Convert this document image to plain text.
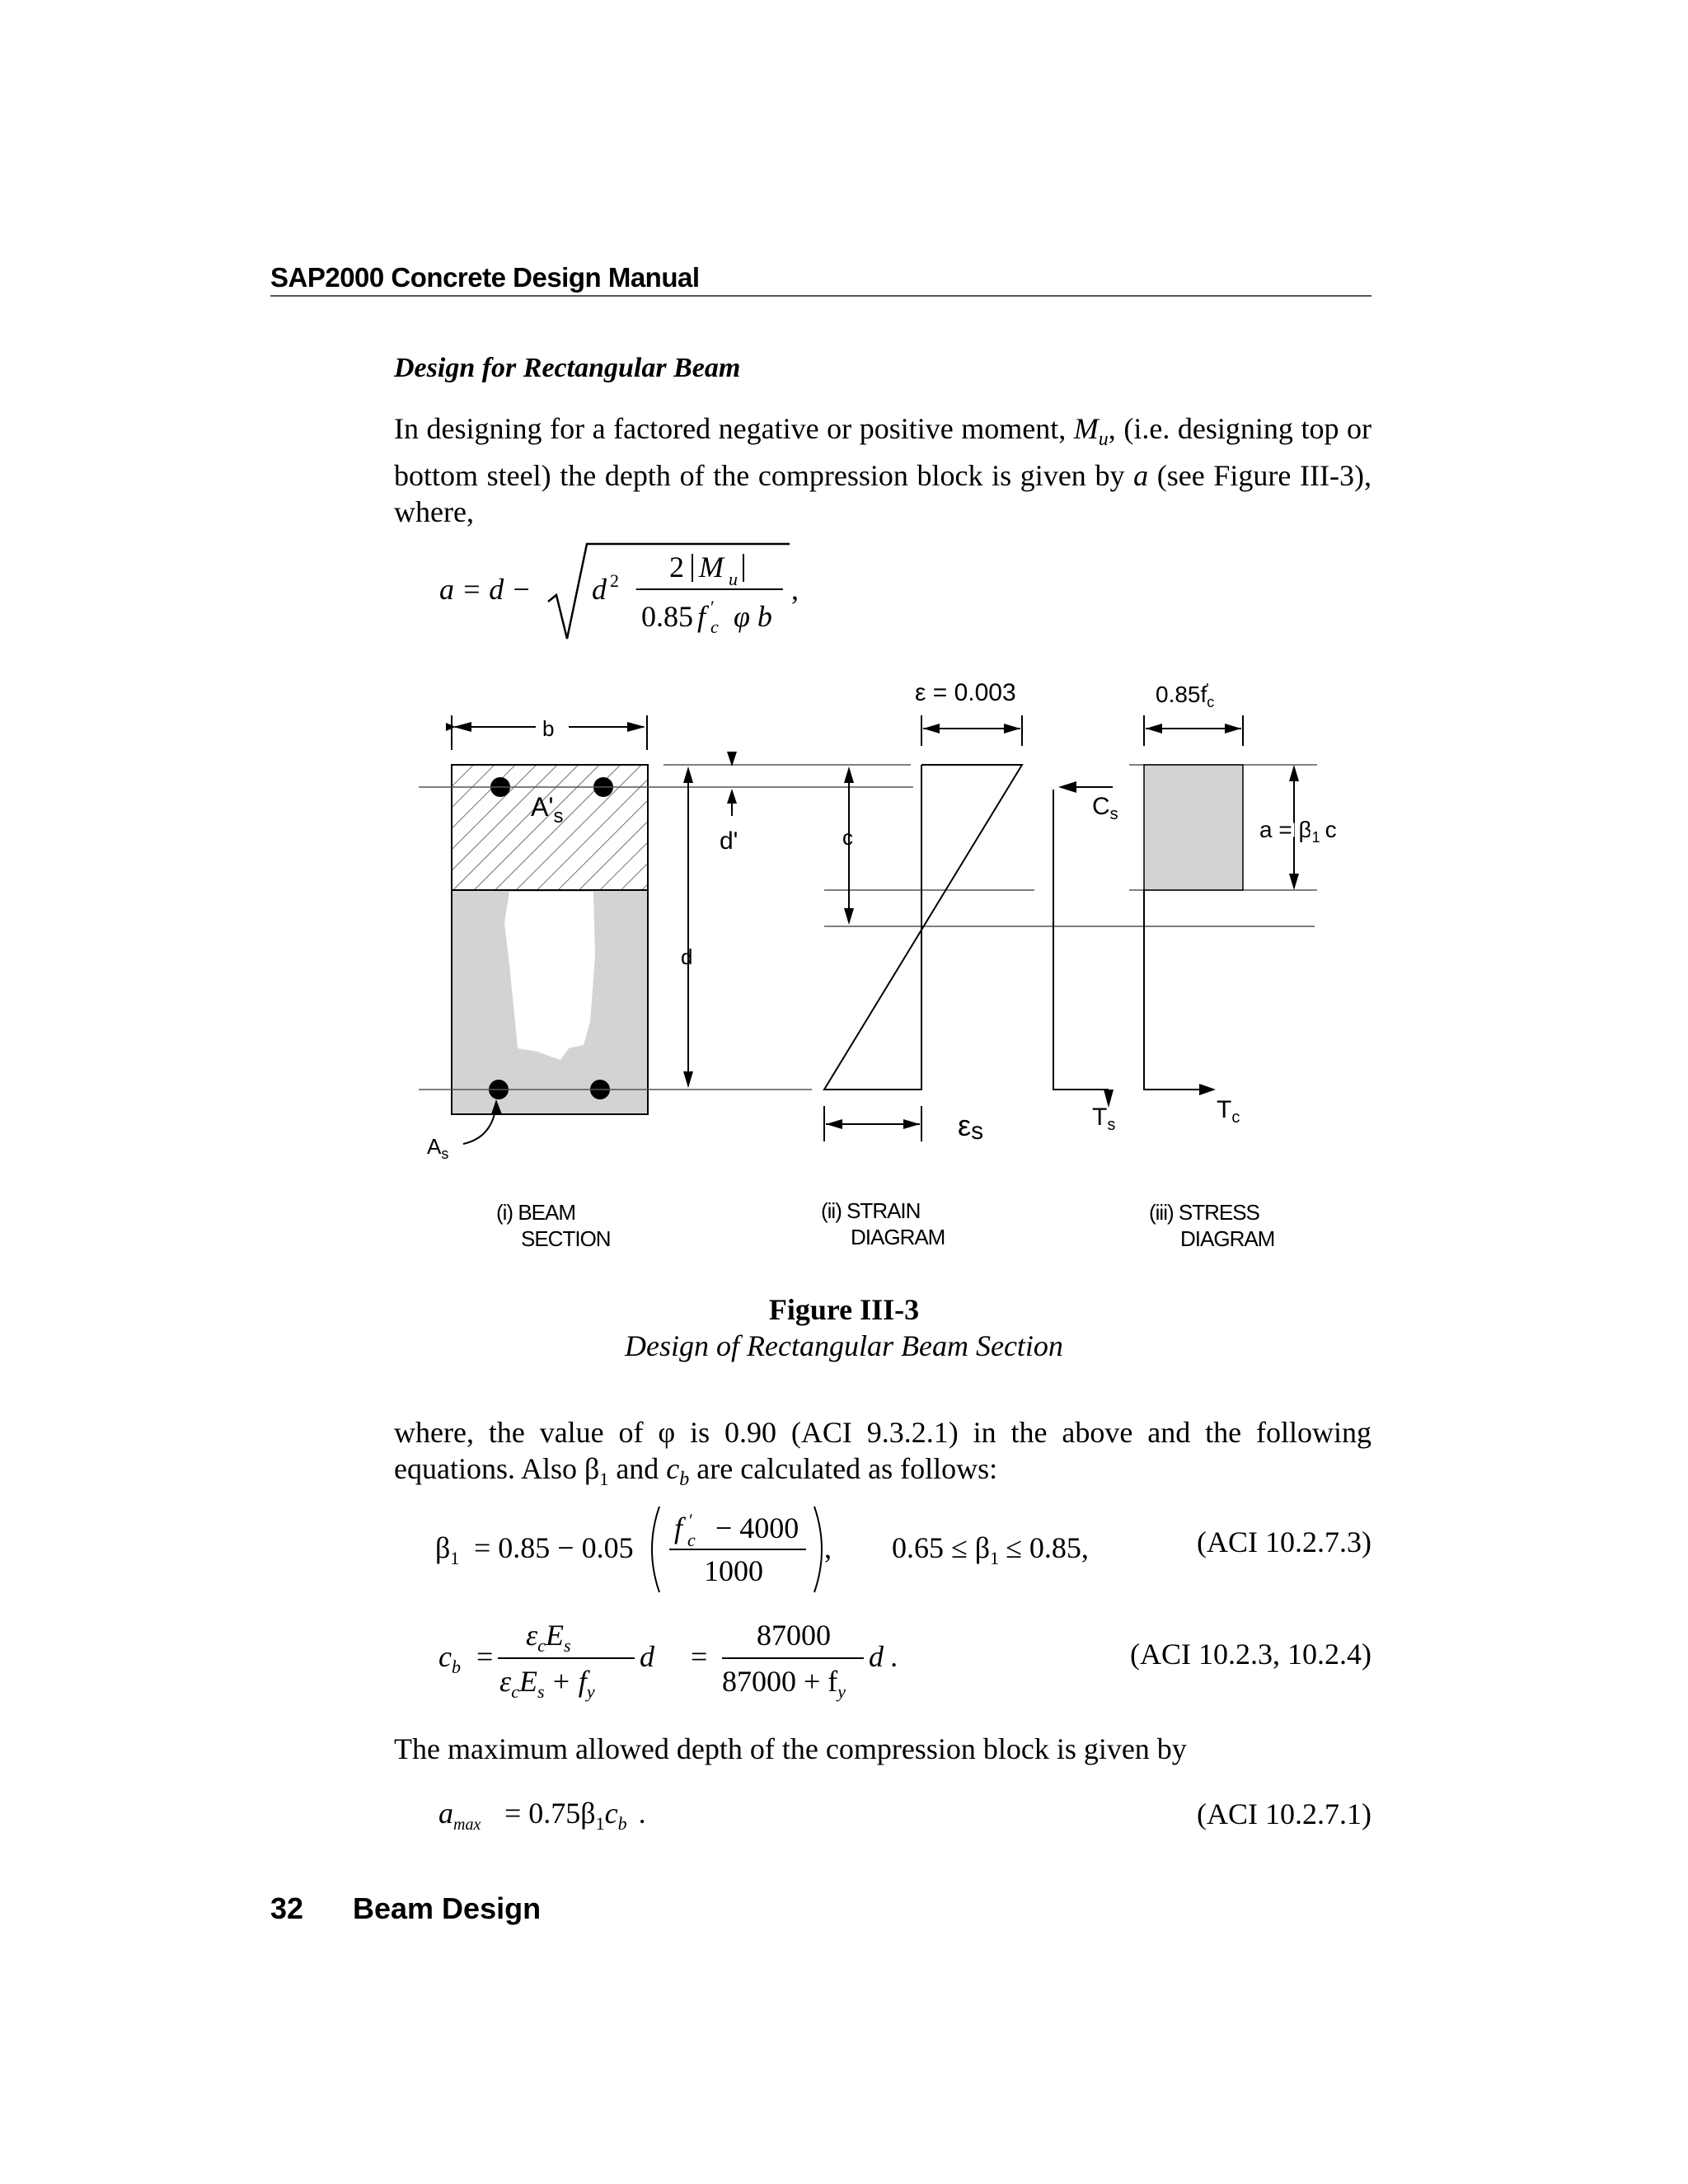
SAP2000 Concrete Design Manual
Design for Rectangular Beam
In designing for a factored negative or positive moment, $M_u$, (i.e. designing top or bottom steel) the depth of the compression block is given by a (see Figure III-3), where,
a = d − d 2 −
2 M u
0.85 f c
′ φ b
,
b
$A'_s$
$A_s$
d
d'	c
ε = 0.003
εs
$C_s$
$T_s$
$T_c$
$0.85f_c'$
$a = \beta_1$ c
(i) BEAM
SECTION
(ii) STRAIN
DIAGRAM
(iii) STRESS
DIAGRAM
Figure III-3
Design of Rectangular Beam Section
where, the value of φ is 0.90 (ACI 9.3.2.1) in the above and the following equations. Also $\beta_1$ and $c_b$ are calculated as follows:
$\beta_1 = 0.85 - 0.05$
f c
′ − 4000
1000
, $0.65 \le \beta_1 \le 0.85$,	(ACI 10.2.7.3)
$c_b$ =
$\varepsilon_cE_s$
$\varepsilon_cE_s + f_y$
d =
87000
$87000 + f_y$
d .	(ACI 10.2.3, 10.2.4)
The maximum allowed depth of the compression block is given by
$a_{max} = 0.75\beta_1c_b$ .	(ACI 10.2.7.1)
32 Beam Design
